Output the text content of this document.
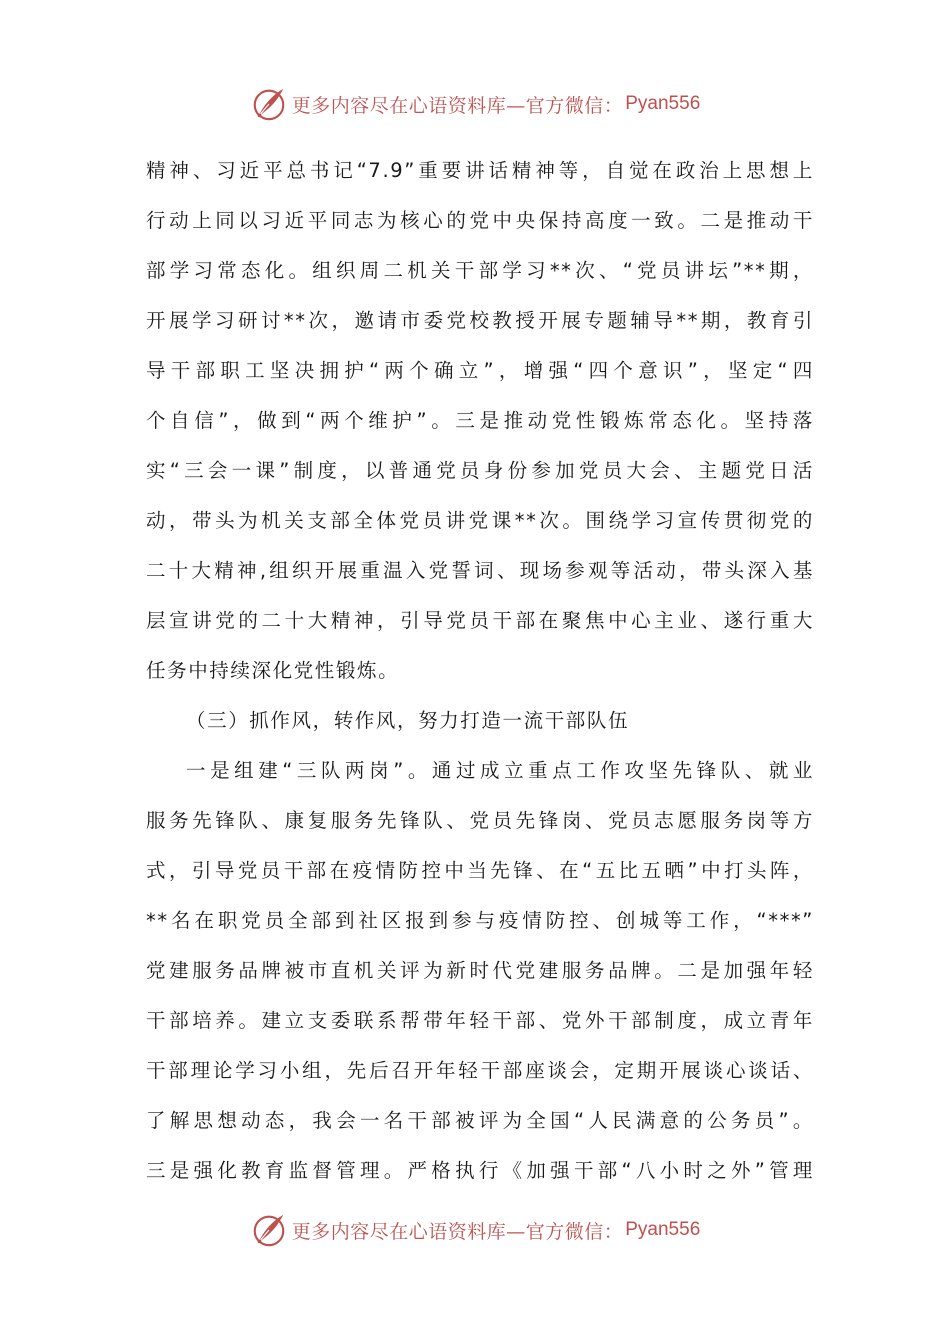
更多内容尽在心语资料库—官方微信： Pyan556
精神、习近平总书记“7.9”重要讲话精神等，自觉在政治上思想上
行动上同以习近平同志为核心的党中央保持高度一致。二是推动干
部学习常态化。组织周二机关干部学习**次、“党员讲坛”**期，
开展学习研讨**次，邀请市委党校教授开展专题辅导**期，教育引
导干部职工坚决拥护“两个确立”，增强“四个意识”，坚定“四
个自信”，做到“两个维护”。三是推动党性锻炼常态化。坚持落
实“三会一课”制度，以普通党员身份参加党员大会、主题党日活
动，带头为机关支部全体党员讲党课**次。围绕学习宣传贯彻党的
二十大精神,组织开展重温入党誓词、现场参观等活动，带头深入基
层宣讲党的二十大精神，引导党员干部在聚焦中心主业、遂行重大
任务中持续深化党性锻炼。
（三）抓作风，转作风，努力打造一流干部队伍
一是组建“三队两岗”。通过成立重点工作攻坚先锋队、就业
服务先锋队、康复服务先锋队、党员先锋岗、党员志愿服务岗等方
式，引导党员干部在疫情防控中当先锋、在“五比五晒”中打头阵，
**名在职党员全部到社区报到参与疫情防控、创城等工作，“***”
党建服务品牌被市直机关评为新时代党建服务品牌。二是加强年轻
干部培养。建立支委联系帮带年轻干部、党外干部制度，成立青年
干部理论学习小组，先后召开年轻干部座谈会，定期开展谈心谈话、
了解思想动态，我会一名干部被评为全国“人民满意的公务员”。
三是强化教育监督管理。严格执行《加强干部“八小时之外”管理
更多内容尽在心语资料库—官方微信： Pyan556
